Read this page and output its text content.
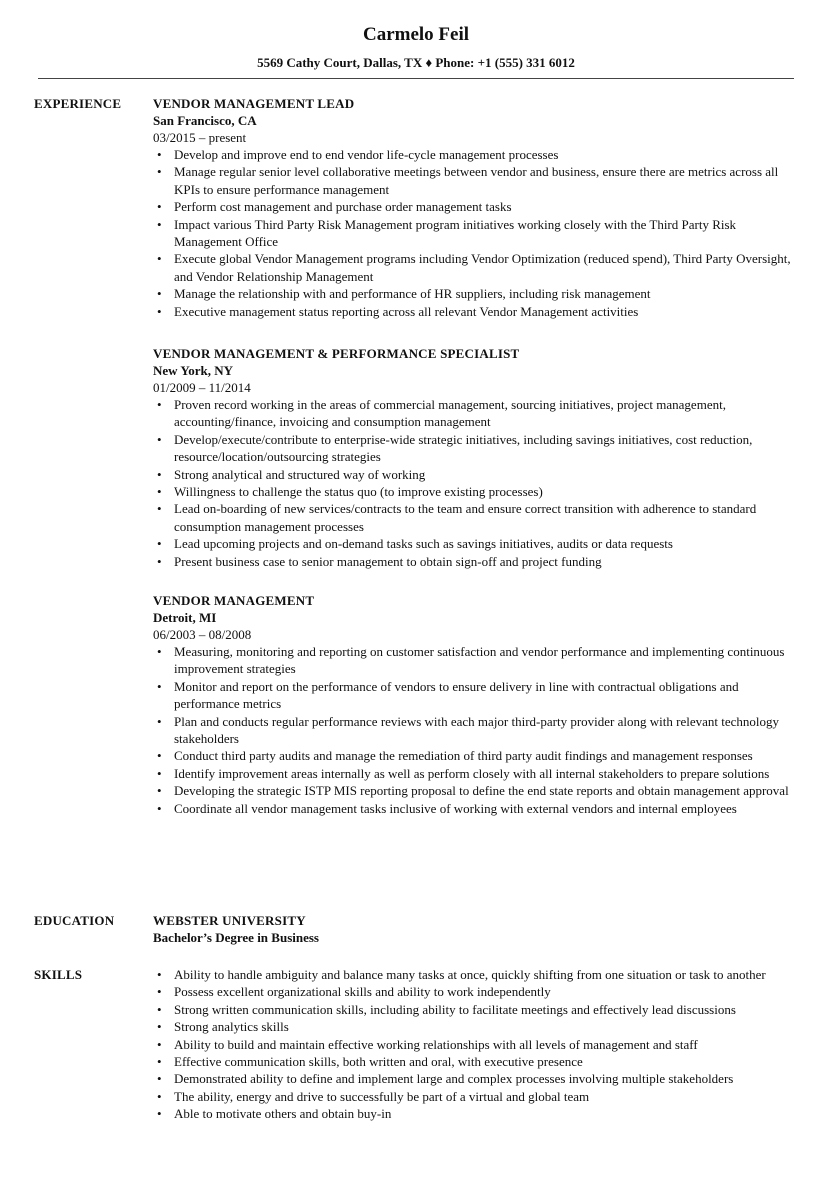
Carmelo Feil
5569 Cathy Court, Dallas, TX ♦ Phone: +1 (555) 331 6012
EXPERIENCE VENDOR MANAGEMENT LEAD
San Francisco, CA
03/2015 – present
• Develop and improve end to end vendor life-cycle management processes
• Manage regular senior level collaborative meetings between vendor and business, ensure there are metrics across all KPIs to ensure performance management
• Perform cost management and purchase order management tasks
• Impact various Third Party Risk Management program initiatives working closely with the Third Party Risk Management Office
• Execute global Vendor Management programs including Vendor Optimization (reduced spend), Third Party Oversight, and Vendor Relationship Management
• Manage the relationship with and performance of HR suppliers, including risk management
• Executive management status reporting across all relevant Vendor Management activities
VENDOR MANAGEMENT & PERFORMANCE SPECIALIST
New York, NY
01/2009 – 11/2014
• Proven record working in the areas of commercial management, sourcing initiatives, project management, accounting/finance, invoicing and consumption management
• Develop/execute/contribute to enterprise-wide strategic initiatives, including savings initiatives, cost reduction, resource/location/outsourcing strategies
• Strong analytical and structured way of working
• Willingness to challenge the status quo (to improve existing processes)
• Lead on-boarding of new services/contracts to the team and ensure correct transition with adherence to standard consumption management processes
• Lead upcoming projects and on-demand tasks such as savings initiatives, audits or data requests
• Present business case to senior management to obtain sign-off and project funding
VENDOR MANAGEMENT
Detroit, MI
06/2003 – 08/2008
• Measuring, monitoring and reporting on customer satisfaction and vendor performance and implementing continuous improvement strategies
• Monitor and report on the performance of vendors to ensure delivery in line with contractual obligations and performance metrics
• Plan and conducts regular performance reviews with each major third-party provider along with relevant technology stakeholders
• Conduct third party audits and manage the remediation of third party audit findings and management responses
• Identify improvement areas internally as well as perform closely with all internal stakeholders to prepare solutions
• Developing the strategic ISTP MIS reporting proposal to define the end state reports and obtain management approval
• Coordinate all vendor management tasks inclusive of working with external vendors and internal employees
EDUCATION	WEBSTER UNIVERSITY
Bachelor’s Degree in Business
SKILLS
•	Ability to handle ambiguity and balance many tasks at once, quickly shifting from one situation or task to another
• Possess excellent organizational skills and ability to work independently
• Strong written communication skills, including ability to facilitate meetings and effectively lead discussions
• Strong analytics skills
• Ability to build and maintain effective working relationships with all levels of management and staff
• Effective communication skills, both written and oral, with executive presence
• Demonstrated ability to define and implement large and complex processes involving multiple stakeholders
• The ability, energy and drive to successfully be part of a virtual and global team
• Able to motivate others and obtain buy-in
